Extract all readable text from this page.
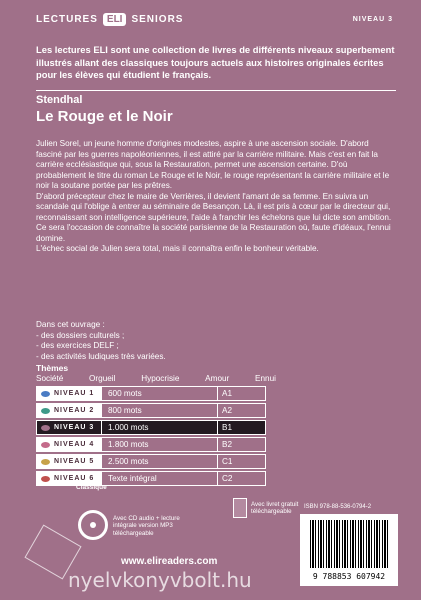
LECTURES ELI SENIORS	NIVEAU 3
Les lectures ELI sont une collection de livres de différents niveaux superbement illustrés allant des classiques toujours actuels aux histoires originales écrites pour les élèves qui étudient le français.
Stendhal
Le Rouge et le Noir

Julien Sorel, un jeune homme d'origines modestes, aspire à une ascension sociale. D'abord fasciné par les guerres napoléoniennes, il est attiré par la carrière militaire. Mais c'est en fait la carrière ecclésiastique qui, sous la Restauration, permet une ascension certaine. D'où probablement le titre du roman Le Rouge et le Noir, le rouge représentant la carrière militaire et le noir la soutane portée par les prêtres.

D'abord précepteur chez le maire de Verrières, il devient l'amant de sa femme. En suivra un scandale qui l'oblige à entrer au séminaire de Besançon. Là, il est pris à cœur par le directeur qui, reconnaissant son intelligence supérieure, l'aide à franchir les échelons que lui dicte son ambition. Ce sera l'occasion de connaître la société parisienne de la Restauration où, faute d'idéaux, l'ennui domine.

L'échec social de Julien sera total, mais il connaîtra enfin le bonheur véritable.

Dans cet ouvrage :
- des dossiers culturels ;
- des exercices DELF ;
- des activités ludiques très variées.
Thèmes
Société	Orgueil	Hypocrisie	Amour	Ennui
NIVEAU 1	600 mots	A1
NIVEAU 2	800 mots	A2
NIVEAU 3	1.000 mots	B1
NIVEAU 4	1.800 mots	B2
NIVEAU 5	2.500 mots	C1
NIVEAU 6	Texte intégral	C2
Classique
Avec CD audio + lecture intégrale version MP3 téléchargeable
Avec livret gratuit téléchargeable
ISBN 978-88-536-0794-2
9 788853 607942
www.elireaders.com
nyelvkonyvbolt.hu
